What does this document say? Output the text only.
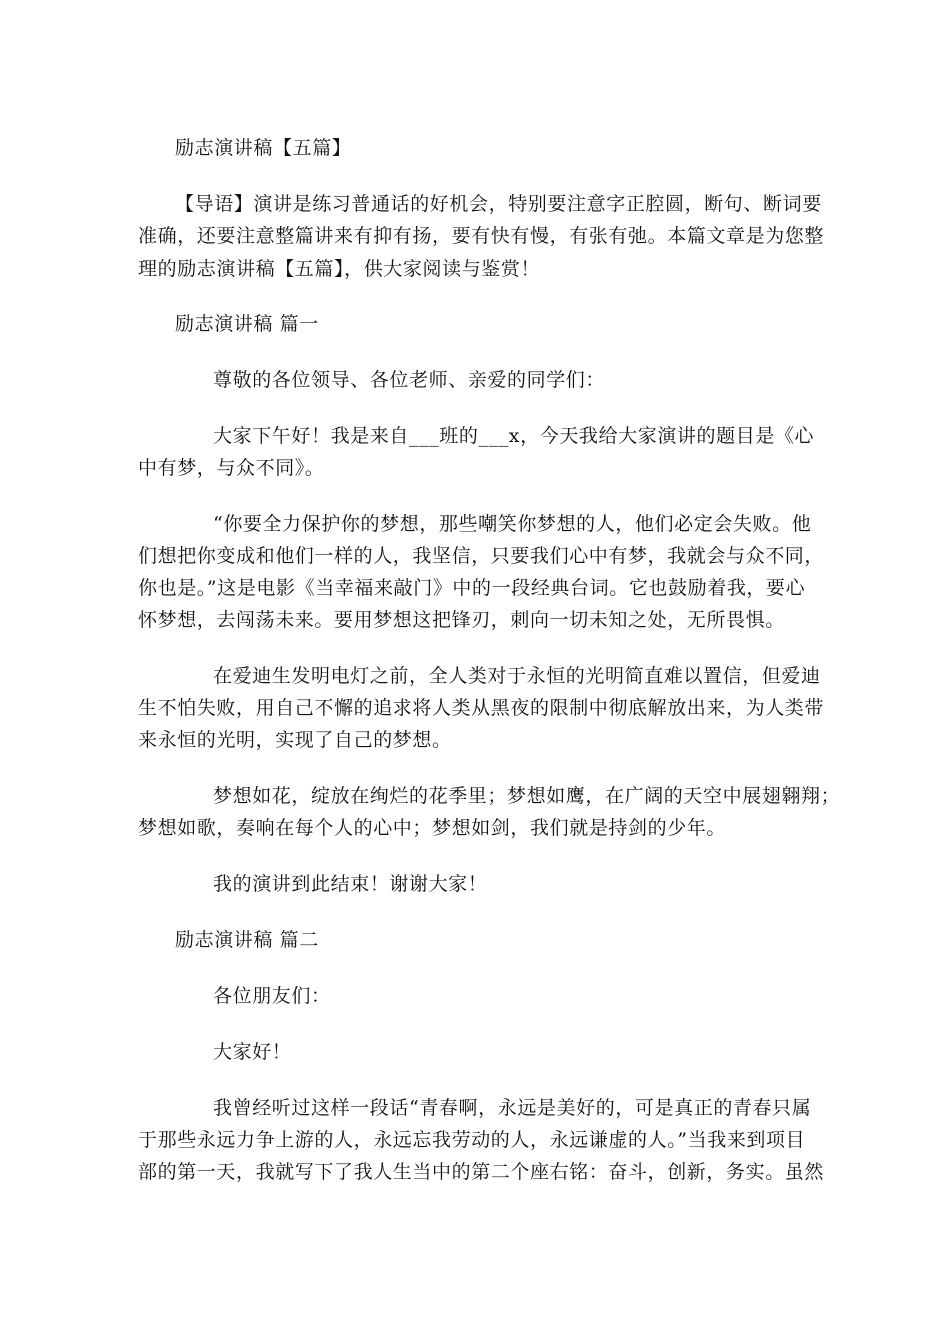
励志演讲稿【五篇】
【导语】演讲是练习普通话的好机会，特别要注意字正腔圆，断句、断词要
准确，还要注意整篇讲来有抑有扬，要有快有慢，有张有弛。本篇文章是为您整
理的励志演讲稿【五篇】，供大家阅读与鉴赏！
励志演讲稿 篇一
尊敬的各位领导、各位老师、亲爱的同学们：
大家下午好！我是来自___班的___x，今天我给大家演讲的题目是《心
中有梦，与众不同》。
“你要全力保护你的梦想，那些嘲笑你梦想的人，他们必定会失败。他
们想把你变成和他们一样的人，我坚信，只要我们心中有梦，我就会与众不同，
你也是。”这是电影《当幸福来敲门》中的一段经典台词。它也鼓励着我，要心
怀梦想，去闯荡未来。要用梦想这把锋刃，刺向一切未知之处，无所畏惧。
在爱迪生发明电灯之前，全人类对于永恒的光明简直难以置信，但爱迪
生不怕失败，用自己不懈的追求将人类从黑夜的限制中彻底解放出来，为人类带
来永恒的光明，实现了自己的梦想。
梦想如花，绽放在绚烂的花季里；梦想如鹰，在广阔的天空中展翅翱翔；
梦想如歌，奏响在每个人的心中；梦想如剑，我们就是持剑的少年。
我的演讲到此结束！谢谢大家！
励志演讲稿 篇二
各位朋友们：
大家好！
我曾经听过这样一段话“青春啊，永远是美好的，可是真正的青春只属
于那些永远力争上游的人，永远忘我劳动的人，永远谦虚的人。”当我来到项目
部的第一天，我就写下了我人生当中的第二个座右铭：奋斗，创新，务实。虽然
